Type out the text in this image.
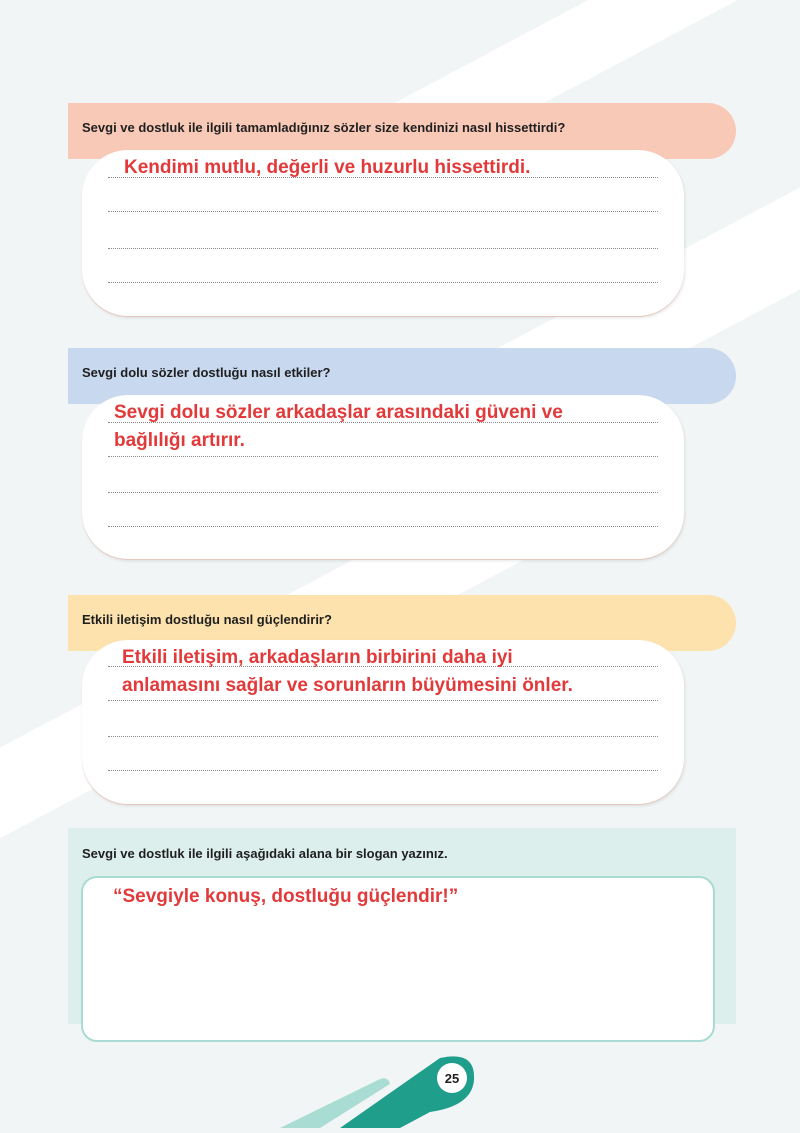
Sevgi ve dostluk ile ilgili tamamladığınız sözler size kendinizi nasıl hissettirdi?
Kendimi mutlu, değerli ve huzurlu hissettirdi.
Sevgi dolu sözler dostluğu nasıl etkiler?
Sevgi dolu sözler arkadaşlar arasındaki güveni ve bağlılığı artırır.
Etkili iletişim dostluğu nasıl güçlendirir?
Etkili iletişim, arkadaşların birbirini daha iyi anlamasını sağlar ve sorunların büyümesini önler.
Sevgi ve dostluk ile ilgili aşağıdaki alana bir slogan yazınız.
“Sevgiyle konuş, dostluğu güçlendir!”
25
